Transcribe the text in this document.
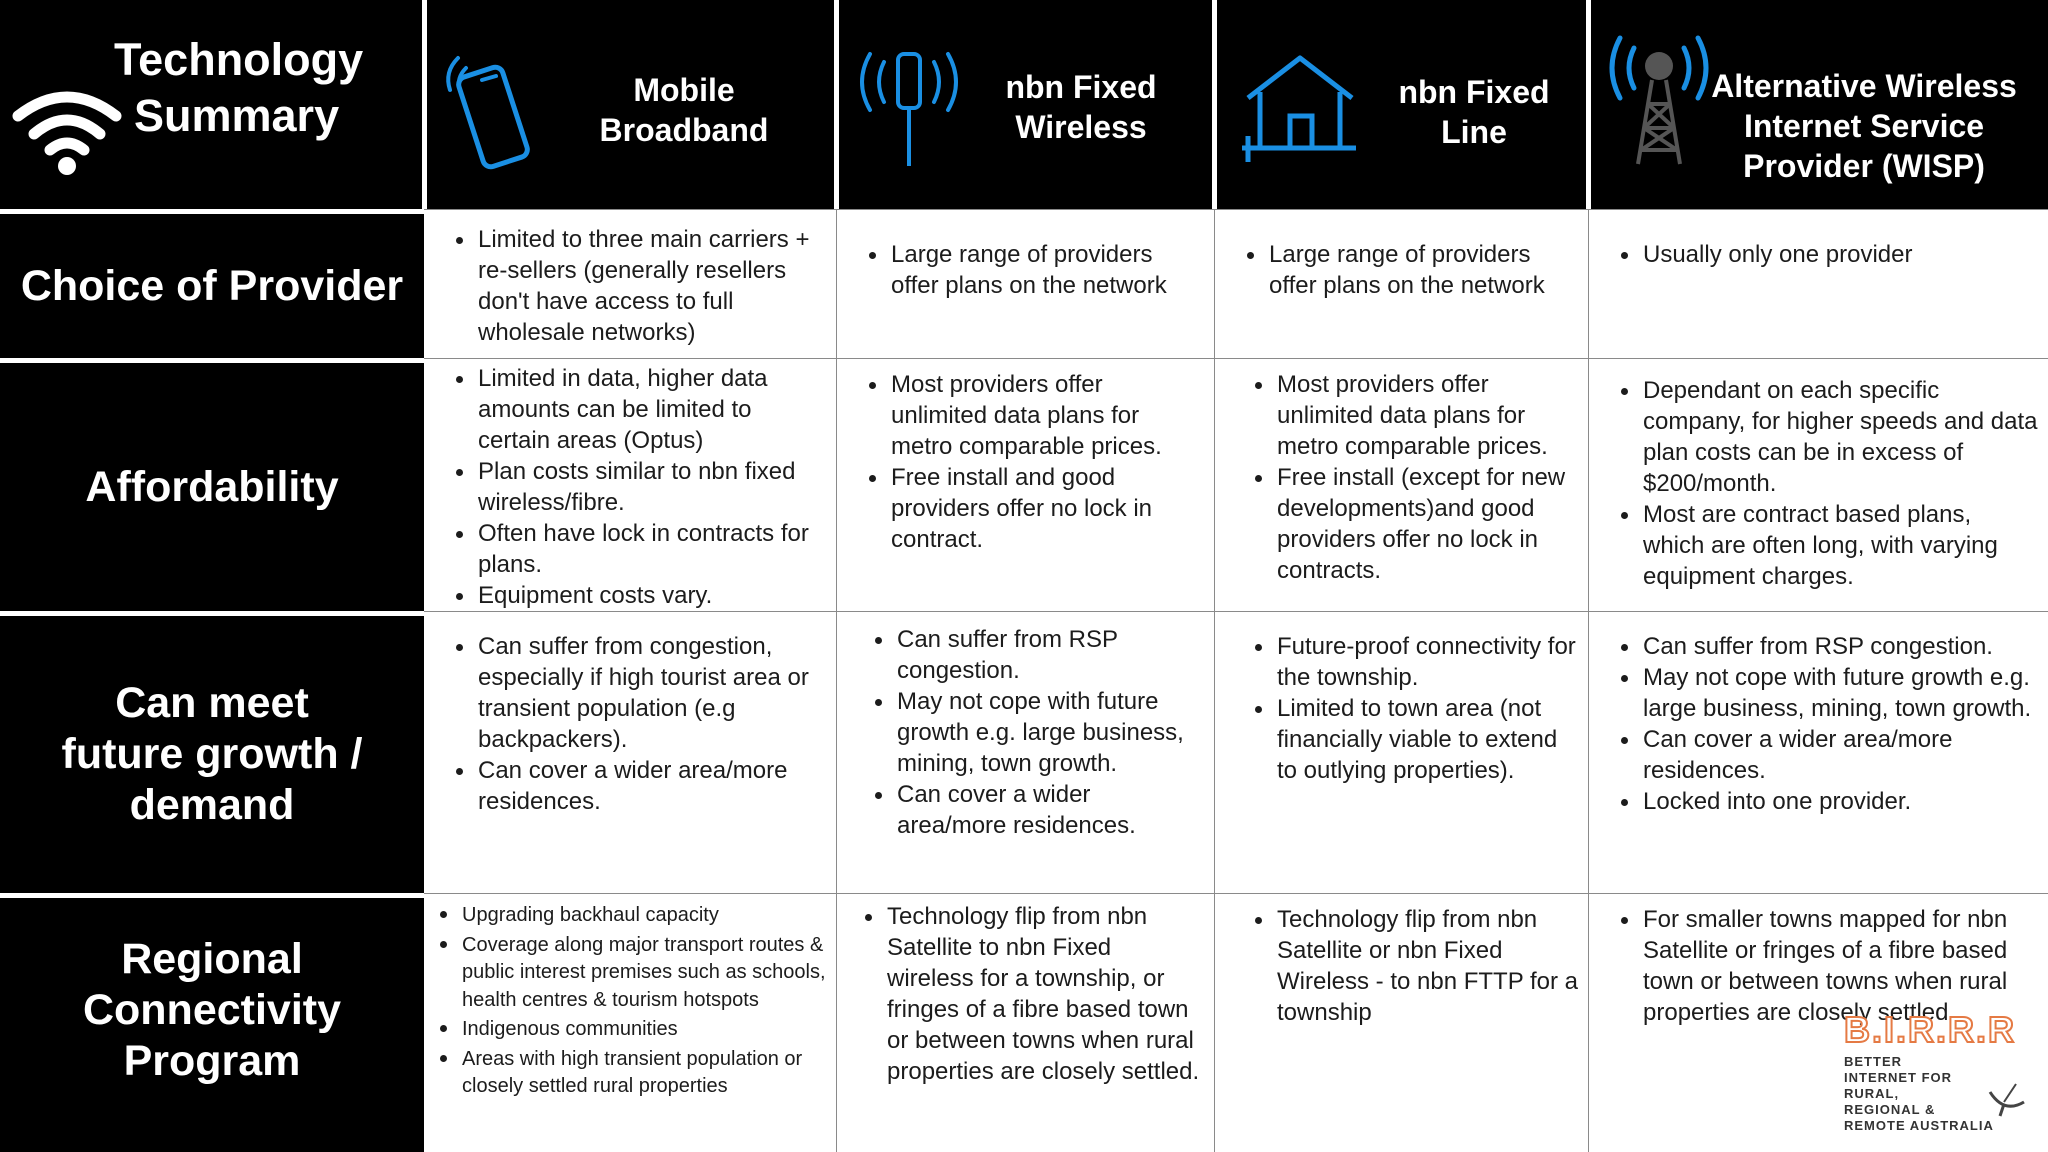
Technology
Summary	Mobile
Broadband
nbn Fixed
Wireless
nbn Fixed
Line
Alternative Wireless
Internet Service
Provider (WISP)
Choice of Provider
• Limited to three main carriers + re-sellers (generally resellers don't have access to full wholesale networks)
• Large range of providers offer plans on the network
• Large range of providers offer plans on the network
• Usually only one provider
Affordability
• Limited in data, higher data amounts can be limited to certain areas (Optus)
• Plan costs similar to nbn fixed wireless/fibre.
• Often have lock in contracts for plans.
• Equipment costs vary.
• Most providers offer unlimited data plans for metro comparable prices.
• Free install and good providers offer no lock in contract.
• Most providers offer unlimited data plans for metro comparable prices.
• Free install (except for new developments)and good providers offer no lock in contracts.
• Dependant on each specific company, for higher speeds and data plan costs can be in excess of $200/month.
• Most are contract based plans, which are often long, with varying equipment charges.
Can meet
future growth /
demand
• Can suffer from congestion, especially if high tourist area or transient population (e.g backpackers).
• Can cover a wider area/more residences.
• Can suffer from RSP congestion.
• May not cope with future growth e.g. large business, mining, town growth.
• Can cover a wider area/more residences.
• Future-proof connectivity for the township.
• Limited to town area (not financially viable to extend to outlying properties).
• Can suffer from RSP congestion.
• May not cope with future growth e.g. large business, mining, town growth.
• Can cover a wider area/more residences.
• Locked into one provider.
Regional
Connectivity
Program
• Upgrading backhaul capacity
• Coverage along major transport routes & public interest premises such as schools, health centres & tourism hotspots
• Indigenous communities
• Areas with high transient population or closely settled rural properties
• Technology flip from nbn Satellite to nbn Fixed wireless for a township, or fringes of a fibre based town or between towns when rural properties are closely settled.
• Technology flip from nbn Satellite or nbn Fixed Wireless - to nbn FTTP for a township
• For smaller towns mapped for nbn Satellite or fringes of a fibre based town or between towns when rural properties are closely settled.
B.I.R.R.R
BETTER
INTERNET FOR
RURAL,
REGIONAL &
REMOTE AUSTRALIA
